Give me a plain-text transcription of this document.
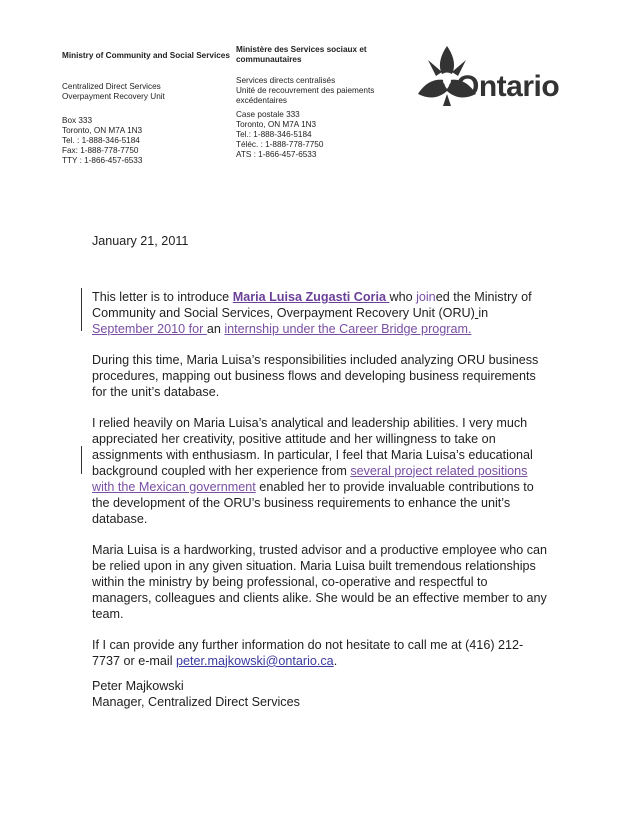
Ministry of Community and Social Services
Centralized Direct Services
Overpayment Recovery Unit
Box 333
Toronto, ON M7A 1N3
Tel. : 1-888-346-5184
Fax: 1-888-778-7750
TTY : 1-866-457-6533
Ministère des Services sociaux et communautaires
Services directs centralisés
Unité de recouvrement des paiements excédentaires
Case postale 333
Toronto, ON M7A 1N3
Tel.: 1-888-346-5184
Téléc. : 1-888-778-7750
ATS : 1-866-457-6533
Ontario
January 21, 2011

This letter is to introduce Maria Luisa Zugasti Coria who joined the Ministry of Community and Social Services, Overpayment Recovery Unit (ORU) in September 2010 for an internship under the Career Bridge program.

During this time, Maria Luisa’s responsibilities included analyzing ORU business procedures, mapping out business flows and developing business requirements for the unit’s database.

I relied heavily on Maria Luisa’s analytical and leadership abilities. I very much appreciated her creativity, positive attitude and her willingness to take on assignments with enthusiasm. In particular, I feel that Maria Luisa’s educational background coupled with her experience from several project related positions with the Mexican government enabled her to provide invaluable contributions to the development of the ORU’s business requirements to enhance the unit’s database.

Maria Luisa is a hardworking, trusted advisor and a productive employee who can be relied upon in any given situation. Maria Luisa built tremendous relationships within the ministry by being professional, co-operative and respectful to managers, colleagues and clients alike. She would be an effective member to any team.

If I can provide any further information do not hesitate to call me at (416) 212-7737 or e-mail peter.majkowski@ontario.ca.

Peter Majkowski
Manager, Centralized Direct Services
